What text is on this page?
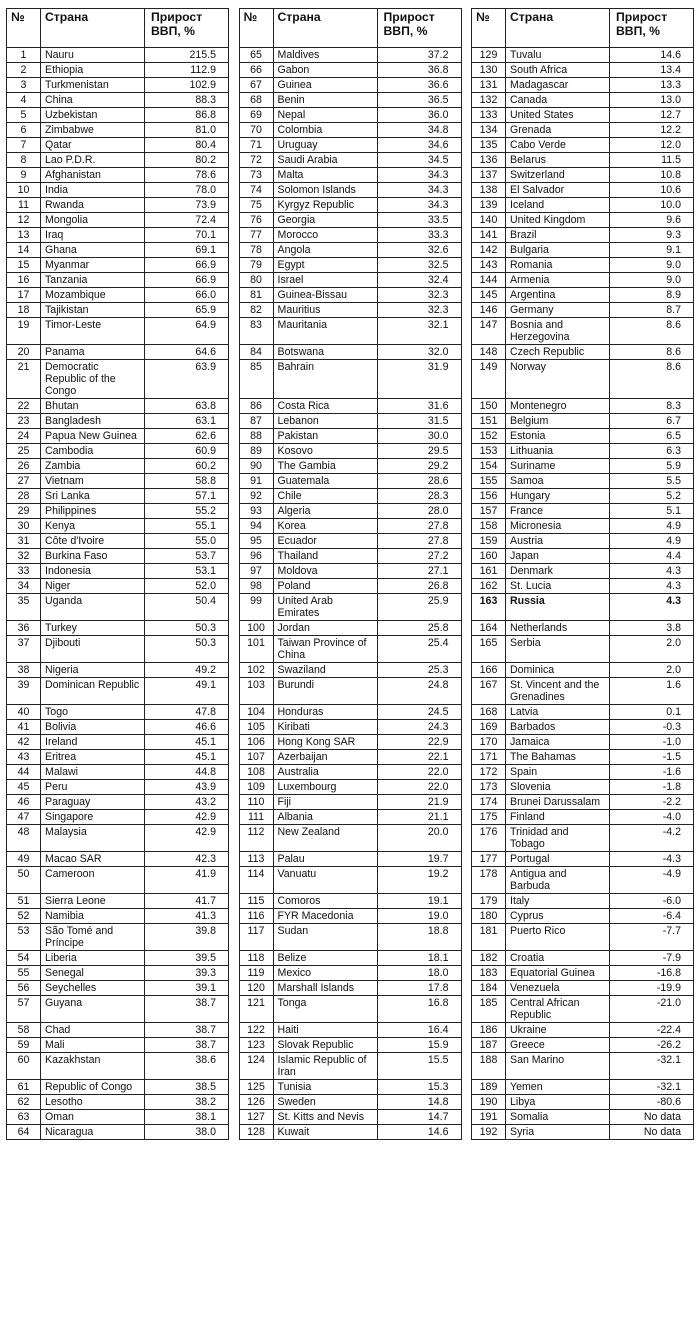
№	Страна	Прирост
ВВП, %
1	Nauru	215.5
2	Ethiopia	112.9
3	Turkmenistan	102.9
4	China	88.3
5	Uzbekistan	86.8
6	Zimbabwe	81.0
7	Qatar	80.4
8	Lao P.D.R.	80.2
9	Afghanistan	78.6
10	India	78.0
11	Rwanda	73.9
12	Mongolia	72.4
13	Iraq	70.1
14	Ghana	69.1
15	Myanmar	66.9
16	Tanzania	66.9
17	Mozambique	66.0
18	Tajikistan	65.9
19	Timor-Leste	64.9
20	Panama	64.6
21	Democratic Republic of the Congo	63.9
22	Bhutan	63.8
23	Bangladesh	63.1
24	Papua New Guinea	62.6
25	Cambodia	60.9
26	Zambia	60.2
27	Vietnam	58.8
28	Sri Lanka	57.1
29	Philippines	55.2
30	Kenya	55.1
31	Côte d'Ivoire	55.0
32	Burkina Faso	53.7
33	Indonesia	53.1
34	Niger	52.0
35	Uganda	50.4
36	Turkey	50.3
37	Djibouti	50.3
38	Nigeria	49.2
39	Dominican Republic	49.1
40	Togo	47.8
41	Bolivia	46.6
42	Ireland	45.1
43	Eritrea	45.1
44	Malawi	44.8
45	Peru	43.9
46	Paraguay	43.2
47	Singapore	42.9
48	Malaysia	42.9
49	Macao SAR	42.3
50	Cameroon	41.9
51	Sierra Leone	41.7
52	Namibia	41.3
53	São Tomé and Príncipe	39.8
54	Liberia	39.5
55	Senegal	39.3
56	Seychelles	39.1
57	Guyana	38.7
58	Chad	38.7
59	Mali	38.7
60	Kazakhstan	38.6
61	Republic of Congo	38.5
62	Lesotho	38.2
63	Oman	38.1
64	Nicaragua	38.0
№	Страна	Прирост
ВВП, %
65	Maldives	37.2
66	Gabon	36.8
67	Guinea	36.6
68	Benin	36.5
69	Nepal	36.0
70	Colombia	34.8
71	Uruguay	34.6
72	Saudi Arabia	34.5
73	Malta	34.3
74	Solomon Islands	34.3
75	Kyrgyz Republic	34.3
76	Georgia	33.5
77	Morocco	33.3
78	Angola	32.6
79	Egypt	32.5
80	Israel	32.4
81	Guinea-Bissau	32.3
82	Mauritius	32.3
83	Mauritania	32.1
84	Botswana	32.0
85	Bahrain	31.9
86	Costa Rica	31.6
87	Lebanon	31.5
88	Pakistan	30.0
89	Kosovo	29.5
90	The Gambia	29.2
91	Guatemala	28.6
92	Chile	28.3
93	Algeria	28.0
94	Korea	27.8
95	Ecuador	27.8
96	Thailand	27.2
97	Moldova	27.1
98	Poland	26.8
99	United Arab Emirates	25.9
100	Jordan	25.8
101	Taiwan Province of China	25.4
102	Swaziland	25.3
103	Burundi	24.8
104	Honduras	24.5
105	Kiribati	24.3
106	Hong Kong SAR	22.9
107	Azerbaijan	22.1
108	Australia	22.0
109	Luxembourg	22.0
110	Fiji	21.9
111	Albania	21.1
112	New Zealand	20.0
113	Palau	19.7
114	Vanuatu	19.2
115	Comoros	19.1
116	FYR Macedonia	19.0
117	Sudan	18.8
118	Belize	18.1
119	Mexico	18.0
120	Marshall Islands	17.8
121	Tonga	16.8
122	Haiti	16.4
123	Slovak Republic	15.9
124	Islamic Republic of Iran	15.5
125	Tunisia	15.3
126	Sweden	14.8
127	St. Kitts and Nevis	14.7
128	Kuwait	14.6
№	Страна	Прирост
ВВП, %
129	Tuvalu	14.6
130	South Africa	13.4
131	Madagascar	13.3
132	Canada	13.0
133	United States	12.7
134	Grenada	12.2
135	Cabo Verde	12.0
136	Belarus	11.5
137	Switzerland	10.8
138	El Salvador	10.6
139	Iceland	10.0
140	United Kingdom	9.6
141	Brazil	9.3
142	Bulgaria	9.1
143	Romania	9.0
144	Armenia	9.0
145	Argentina	8.9
146	Germany	8.7
147	Bosnia and Herzegovina	8.6
148	Czech Republic	8.6
149	Norway	8.6
150	Montenegro	8.3
151	Belgium	6.7
152	Estonia	6.5
153	Lithuania	6.3
154	Suriname	5.9
155	Samoa	5.5
156	Hungary	5.2
157	France	5.1
158	Micronesia	4.9
159	Austria	4.9
160	Japan	4.4
161	Denmark	4.3
162	St. Lucia	4.3
163	Russia	4.3
164	Netherlands	3.8
165	Serbia	2.0
166	Dominica	2.0
167	St. Vincent and the Grenadines	1.6
168	Latvia	0.1
169	Barbados	-0.3
170	Jamaica	-1.0
171	The Bahamas	-1.5
172	Spain	-1.6
173	Slovenia	-1.8
174	Brunei Darussalam	-2.2
175	Finland	-4.0
176	Trinidad and Tobago	-4.2
177	Portugal	-4.3
178	Antigua and Barbuda	-4.9
179	Italy	-6.0
180	Cyprus	-6.4
181	Puerto Rico	-7.7
182	Croatia	-7.9
183	Equatorial Guinea	-16.8
184	Venezuela	-19.9
185	Central African Republic	-21.0
186	Ukraine	-22.4
187	Greece	-26.2
188	San Marino	-32.1
189	Yemen	-32.1
190	Libya	-80.6
191	Somalia	No data
192	Syria	No data
